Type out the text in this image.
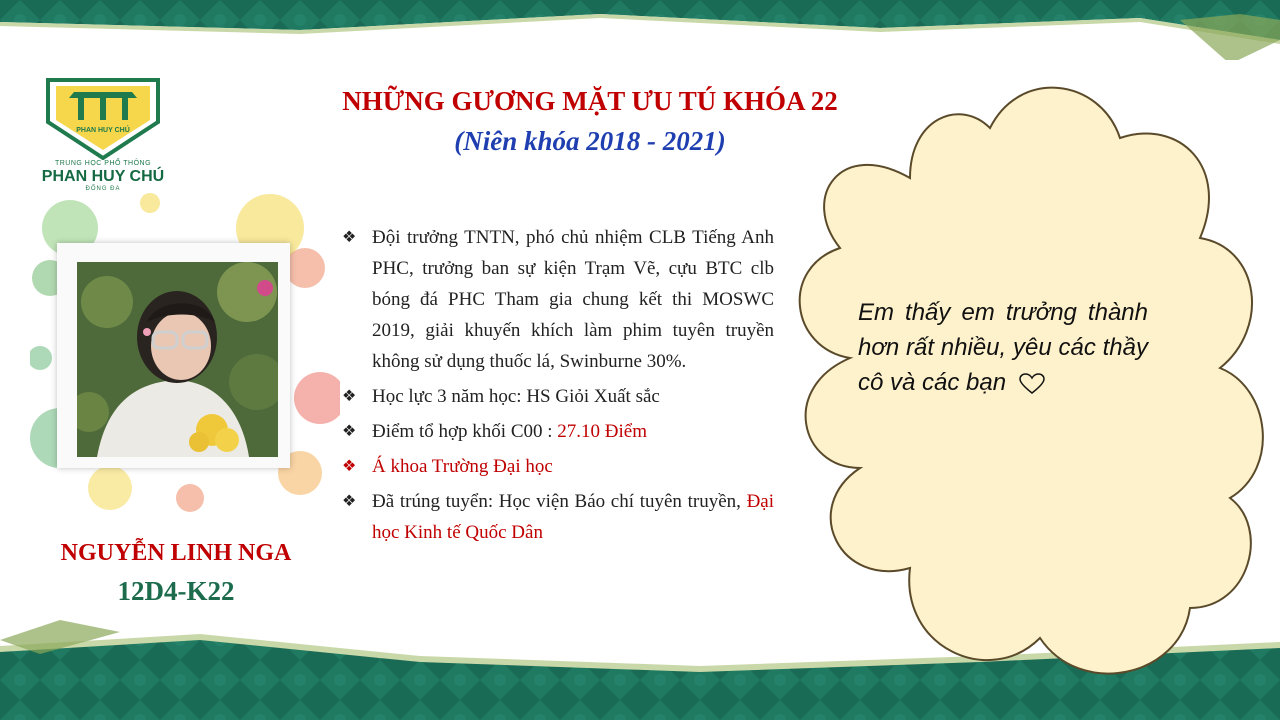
PHAN HUY CHÚ
TRUNG HỌC PHỔ THÔNG
PHAN HUY CHÚ
ĐỐNG ĐA
NHỮNG GƯƠNG MẶT ƯU TÚ KHÓA 22
(Niên khóa 2018 - 2021)
NGUYỄN LINH NGA
12D4-K22
❖ Đội trưởng TNTN, phó chủ nhiệm CLB Tiếng Anh PHC, trưởng ban sự kiện Trạm Vẽ, cựu BTC clb bóng đá PHC Tham gia chung kết thi MOSWC 2019, giải khuyến khích làm phim tuyên truyền không sử dụng thuốc lá, Swinburne 30%.
❖ Học lực 3 năm học: HS Giỏi Xuất sắc
❖ Điểm tổ hợp khối C00 : 27.10 Điểm
❖ Á khoa Trường Đại học
❖ Đã trúng tuyển: Học viện Báo chí tuyên truyền, Đại học Kinh tế Quốc Dân
Em thấy em trưởng thành hơn rất nhiều, yêu các thầy cô và các bạn
